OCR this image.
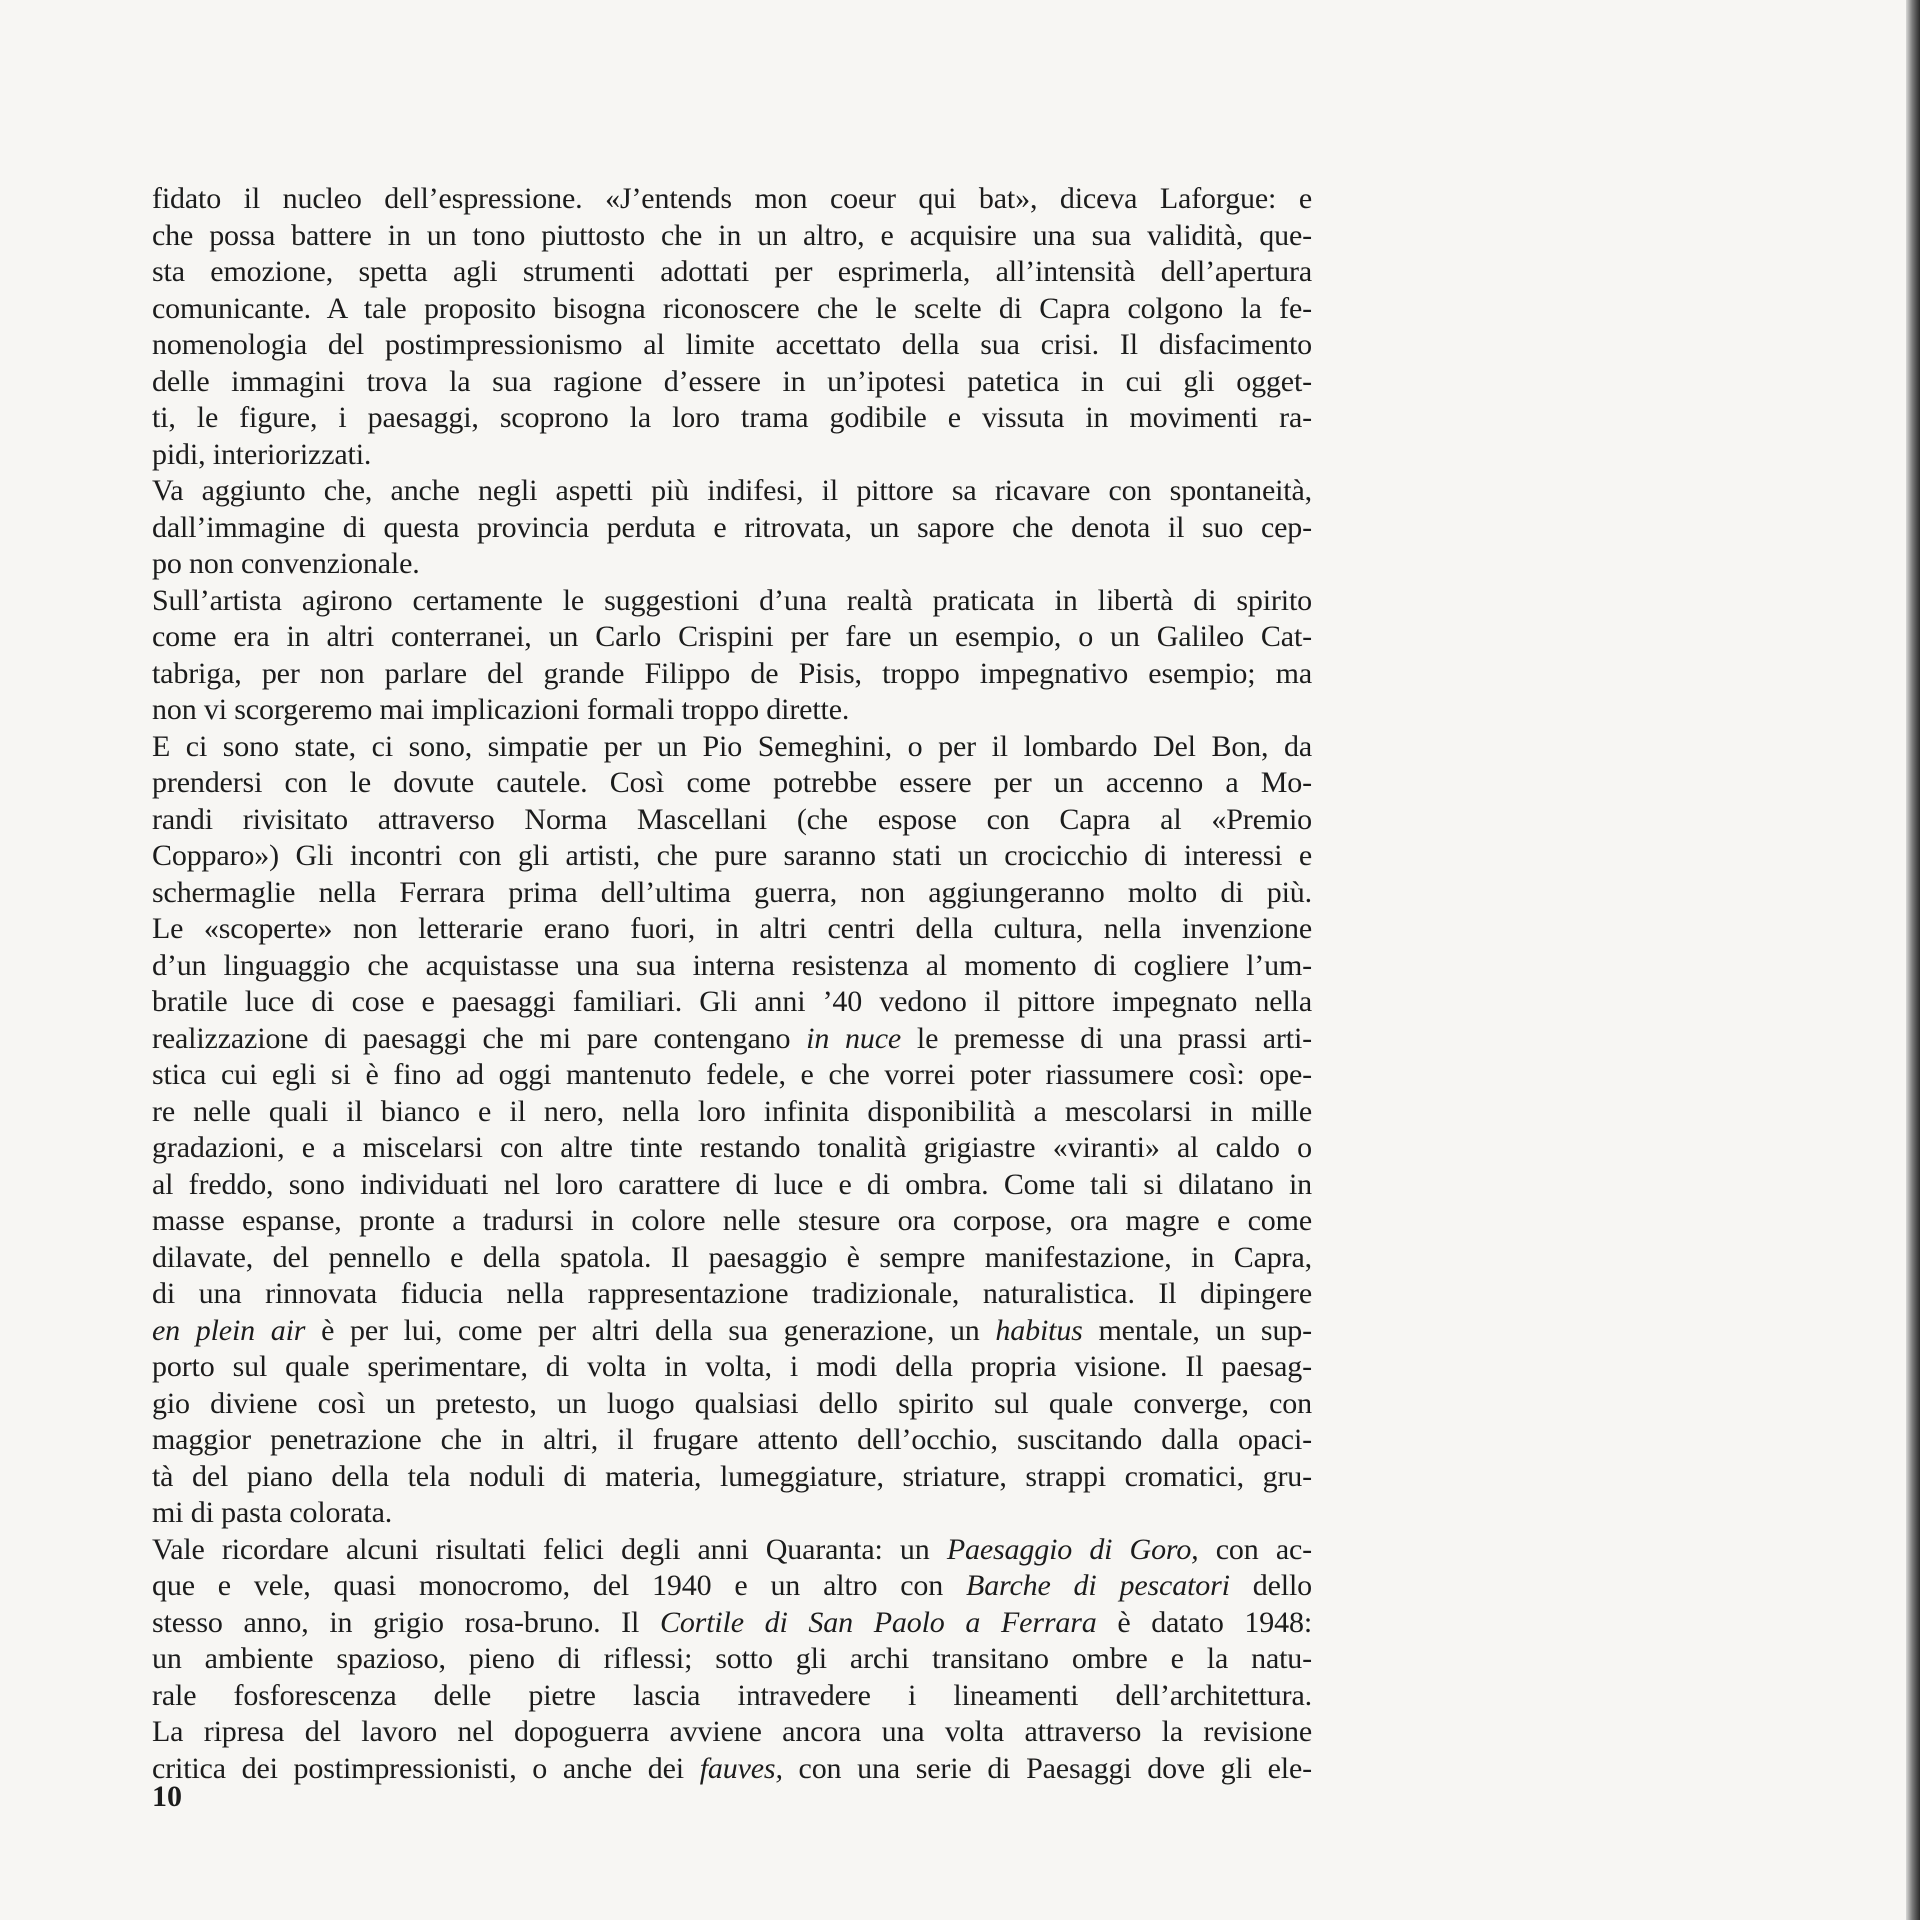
fidato il nucleo dell’espressione. «J’entends mon coeur qui bat», diceva Laforgue: e
che possa battere in un tono piuttosto che in un altro, e acquisire una sua validità, que-
sta emozione, spetta agli strumenti adottati per esprimerla, all’intensità dell’apertura
comunicante. A tale proposito bisogna riconoscere che le scelte di Capra colgono la fe-
nomenologia del postimpressionismo al limite accettato della sua crisi. Il disfacimento
delle immagini trova la sua ragione d’essere in un’ipotesi patetica in cui gli ogget-
ti, le figure, i paesaggi, scoprono la loro trama godibile e vissuta in movimenti ra-
pidi, interiorizzati.
Va aggiunto che, anche negli aspetti più indifesi, il pittore sa ricavare con spontaneità,
dall’immagine di questa provincia perduta e ritrovata, un sapore che denota il suo cep-
po non convenzionale.
Sull’artista agirono certamente le suggestioni d’una realtà praticata in libertà di spirito
come era in altri conterranei, un Carlo Crispini per fare un esempio, o un Galileo Cat-
tabriga, per non parlare del grande Filippo de Pisis, troppo impegnativo esempio; ma
non vi scorgeremo mai implicazioni formali troppo dirette.
E ci sono state, ci sono, simpatie per un Pio Semeghini, o per il lombardo Del Bon, da
prendersi con le dovute cautele. Così come potrebbe essere per un accenno a Mo-
randi rivisitato attraverso Norma Mascellani (che espose con Capra al «Premio
Copparo») Gli incontri con gli artisti, che pure saranno stati un crocicchio di interessi e
schermaglie nella Ferrara prima dell’ultima guerra, non aggiungeranno molto di più.
Le «scoperte» non letterarie erano fuori, in altri centri della cultura, nella invenzione
d’un linguaggio che acquistasse una sua interna resistenza al momento di cogliere l’um-
bratile luce di cose e paesaggi familiari. Gli anni ’40 vedono il pittore impegnato nella
realizzazione di paesaggi che mi pare contengano in nuce le premesse di una prassi arti-
stica cui egli si è fino ad oggi mantenuto fedele, e che vorrei poter riassumere così: ope-
re nelle quali il bianco e il nero, nella loro infinita disponibilità a mescolarsi in mille
gradazioni, e a miscelarsi con altre tinte restando tonalità grigiastre «viranti» al caldo o
al freddo, sono individuati nel loro carattere di luce e di ombra. Come tali si dilatano in
masse espanse, pronte a tradursi in colore nelle stesure ora corpose, ora magre e come
dilavate, del pennello e della spatola. Il paesaggio è sempre manifestazione, in Capra,
di una rinnovata fiducia nella rappresentazione tradizionale, naturalistica. Il dipingere
en plein air è per lui, come per altri della sua generazione, un habitus mentale, un sup-
porto sul quale sperimentare, di volta in volta, i modi della propria visione. Il paesag-
gio diviene così un pretesto, un luogo qualsiasi dello spirito sul quale converge, con
maggior penetrazione che in altri, il frugare attento dell’occhio, suscitando dalla opaci-
tà del piano della tela noduli di materia, lumeggiature, striature, strappi cromatici, gru-
mi di pasta colorata.
Vale ricordare alcuni risultati felici degli anni Quaranta: un Paesaggio di Goro, con ac-
que e vele, quasi monocromo, del 1940 e un altro con Barche di pescatori dello
stesso anno, in grigio rosa-bruno. Il Cortile di San Paolo a Ferrara è datato 1948:
un ambiente spazioso, pieno di riflessi; sotto gli archi transitano ombre e la natu-
rale fosforescenza delle pietre lascia intravedere i lineamenti dell’architettura.
La ripresa del lavoro nel dopoguerra avviene ancora una volta attraverso la revisione
critica dei postimpressionisti, o anche dei fauves, con una serie di Paesaggi dove gli ele-

10
